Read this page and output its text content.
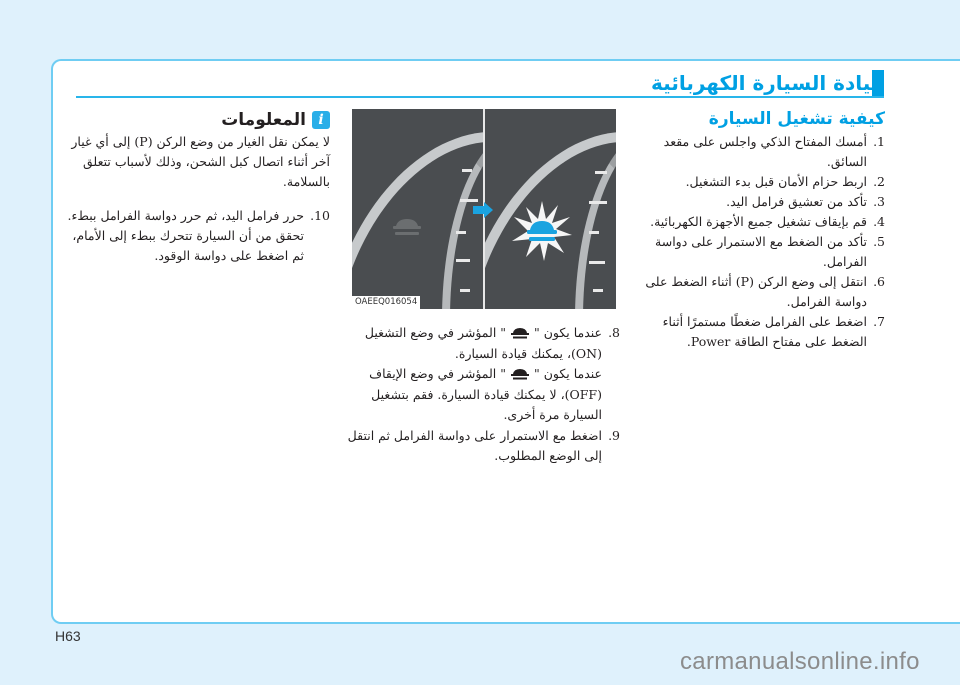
قيادة السيارة الكهربائية
كيفية تشغيل السيارة
1.
أمسك المفتاح الذكي واجلس على مقعد السائق.
2.
اربط حزام الأمان قبل بدء التشغيل.
3.
تأكد من تعشيق فرامل اليد.
4.
قم بإيقاف تشغيل جميع الأجهزة الكهربائية.
5.
تأكد من الضغط مع الاستمرار على دواسة الفرامل.
6.
انتقل إلى وضع الركن (P) أثناء الضغط على دواسة الفرامل.
7.
اضغط على الفرامل ضغطًا مستمرًا أثناء الضغط على مفتاح الطاقة Power.
OAEEQ016054
8.
عندما يكون "  " المؤشر في وضع التشغيل (ON)، يمكنك قيادة السيارة.
عندما يكون "  " المؤشر في وضع الإيقاف (OFF)، لا يمكنك قيادة السيارة. فقم بتشغيل السيارة مرة أخرى.
9.
اضغط مع الاستمرار على دواسة الفرامل ثم انتقل إلى الوضع المطلوب.
i
المعلومات
لا يمكن نقل الغيار من وضع الركن (P) إلى أي غيار آخر أثناء اتصال كبل الشحن، وذلك لأسباب تتعلق بالسلامة.
10.
حرر فرامل اليد، ثم حرر دواسة الفرامل ببطء. تحقق من أن السيارة تتحرك ببطء إلى الأمام، ثم اضغط على دواسة الوقود.
H63
carmanualsonline.info
